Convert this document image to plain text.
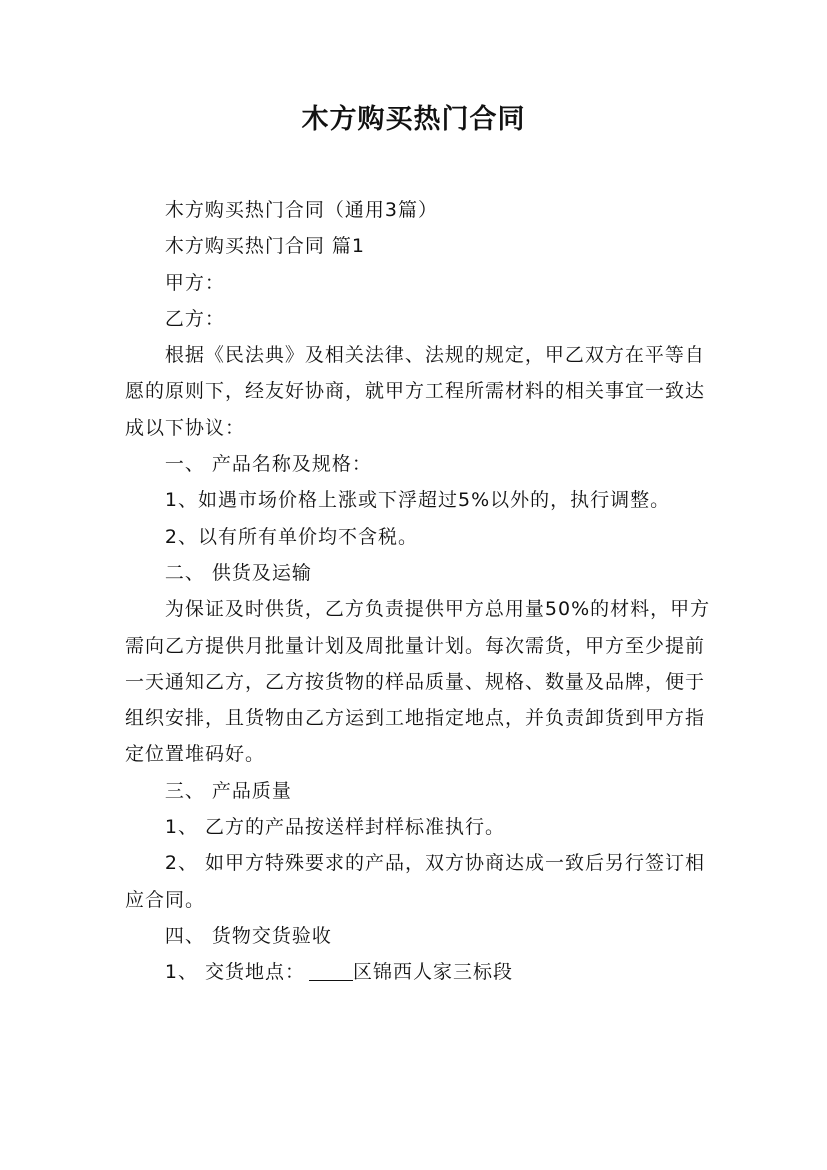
木方购买热门合同

木方购买热门合同（通用3篇）

木方购买热门合同 篇1

甲方：

乙方：

根据《民法典》及相关法律、法规的规定，甲乙双方在平等自愿的原则下，经友好协商，就甲方工程所需材料的相关事宜一致达成以下协议：

一、 产品名称及规格：

1、如遇市场价格上涨或下浮超过5%以外的，执行调整。

2、以有所有单价均不含税。

二、 供货及运输

为保证及时供货，乙方负责提供甲方总用量50%的材料，甲方需向乙方提供月批量计划及周批量计划。每次需货，甲方至少提前一天通知乙方，乙方按货物的样品质量、规格、数量及品牌，便于组织安排，且货物由乙方运到工地指定地点，并负责卸货到甲方指定位置堆码好。

三、 产品质量

1、 乙方的产品按送样封样标准执行。

2、 如甲方特殊要求的产品，双方协商达成一致后另行签订相应合同。

四、 货物交货验收

1、 交货地点：	区锦西人家三标段
